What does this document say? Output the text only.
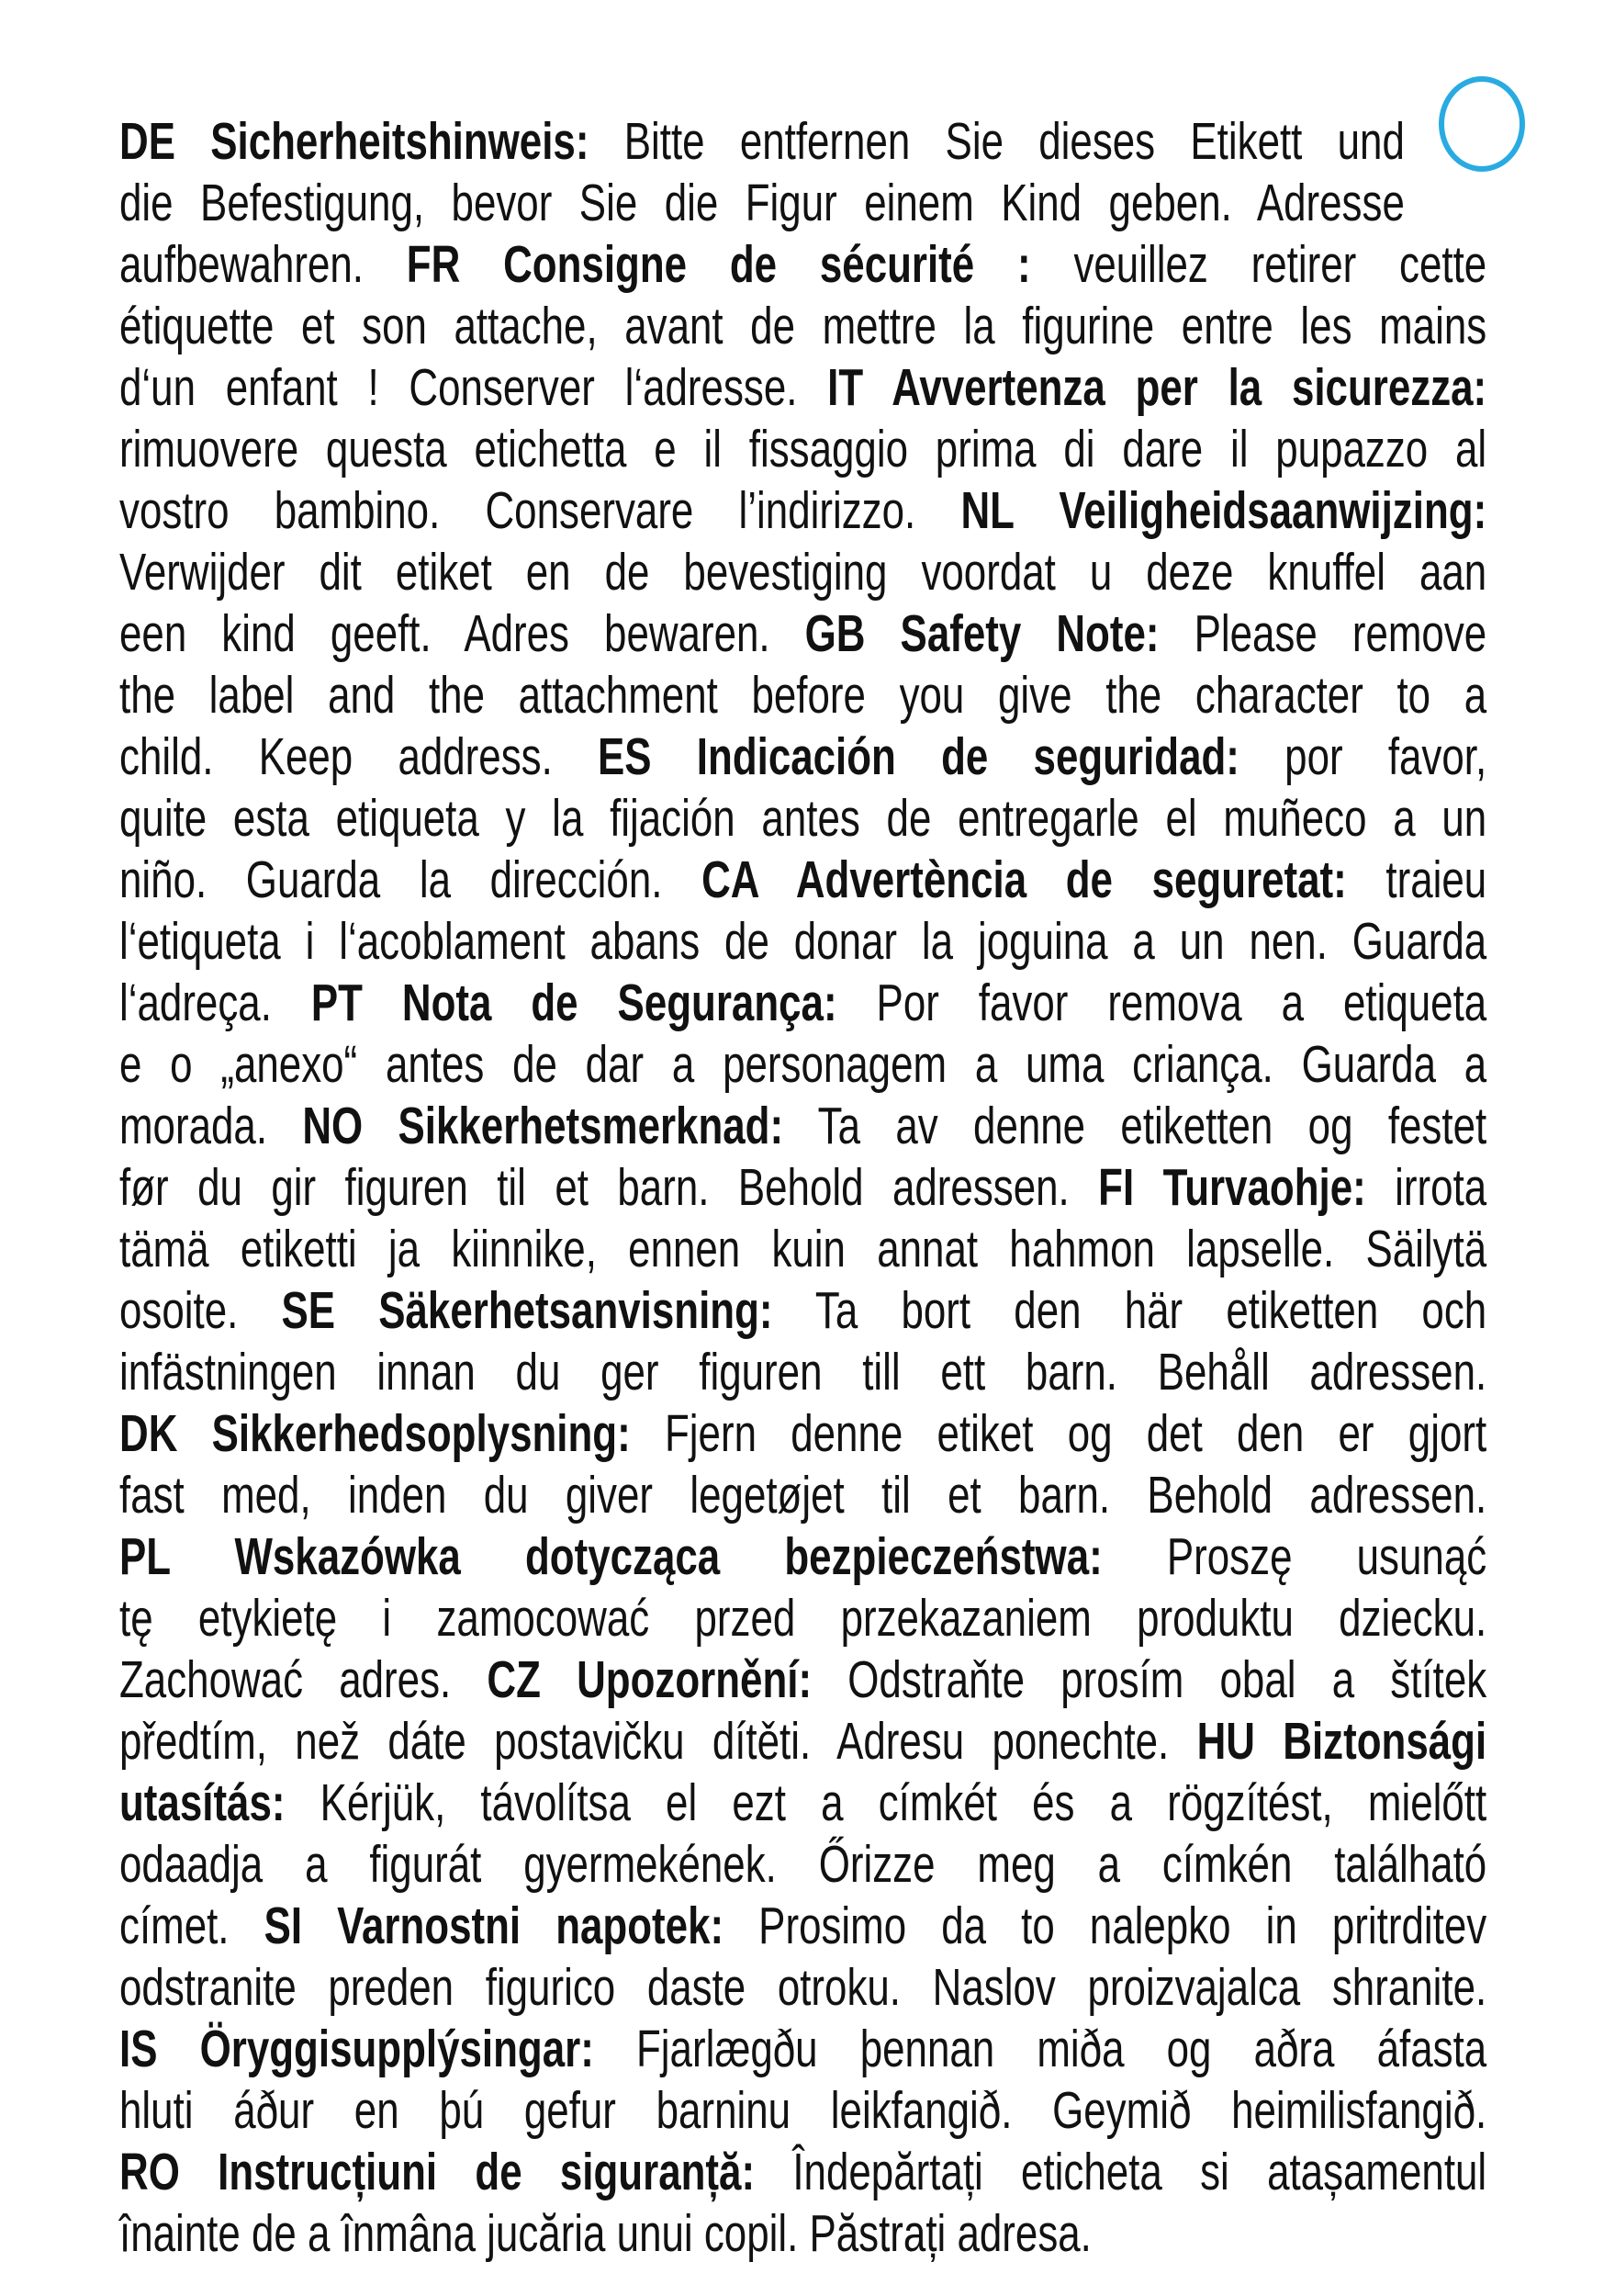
DE Sicherheitshinweis: Bitte entfernen Sie dieses Etikett und
die Befestigung, bevor Sie die Figur einem Kind geben. Adresse
aufbewahren. FR Consigne de sécurité : veuillez retirer cette
étiquette et son attache, avant de mettre la figurine entre les mains
d‘un enfant ! Conserver l‘adresse. IT Avvertenza per la sicurezza:
rimuovere questa etichetta e il fissaggio prima di dare il pupazzo al
vostro bambino. Conservare l’indirizzo. NL Veiligheidsaanwijzing:
Verwijder dit etiket en de bevestiging voordat u deze knuffel aan
een kind geeft. Adres bewaren. GB Safety Note: Please remove
the label and the attachment before you give the character to a
child. Keep address. ES Indicación de seguridad: por favor,
quite esta etiqueta y la fijación antes de entregarle el muñeco a un
niño. Guarda la dirección. CA Advertència de seguretat: traieu
l‘etiqueta i l‘acoblament abans de donar la joguina a un nen. Guarda
l‘adreça. PT Nota de Segurança: Por favor remova a etiqueta
e o „anexo“ antes de dar a personagem a uma criança. Guarda a
morada. NO Sikkerhetsmerknad: Ta av denne etiketten og festet
før du gir figuren til et barn. Behold adressen. FI Turvaohje: irrota
tämä etiketti ja kiinnike, ennen kuin annat hahmon lapselle. Säilytä
osoite. SE Säkerhetsanvisning: Ta bort den här etiketten och
infästningen innan du ger figuren till ett barn. Behåll adressen.
DK Sikkerhedsoplysning: Fjern denne etiket og det den er gjort
fast med, inden du giver legetøjet til et barn. Behold adressen.
PL Wskazówka dotycząca bezpieczeństwa: Proszę usunąć
tę etykietę i zamocować przed przekazaniem produktu dziecku.
Zachować adres. CZ Upozornění: Odstraňte prosím obal a štítek
předtím, než dáte postavičku dítěti. Adresu ponechte. HU Biztonsági
utasítás: Kérjük, távolítsa el ezt a címkét és a rögzítést, mielőtt
odaadja a figurát gyermekének. Őrizze meg a címkén található
címet. SI Varnostni napotek: Prosimo da to nalepko in pritrditev
odstranite preden figurico daste otroku. Naslov proizvajalca shranite.
IS Öryggisupplýsingar: Fjarlægðu þennan miða og aðra áfasta
hluti áður en þú gefur barninu leikfangið. Geymið heimilisfangið.
RO Instrucțiuni de siguranță: Îndepărtați eticheta si atașamentul
înainte de a înmâna jucăria unui copil. Păstrați adresa.
